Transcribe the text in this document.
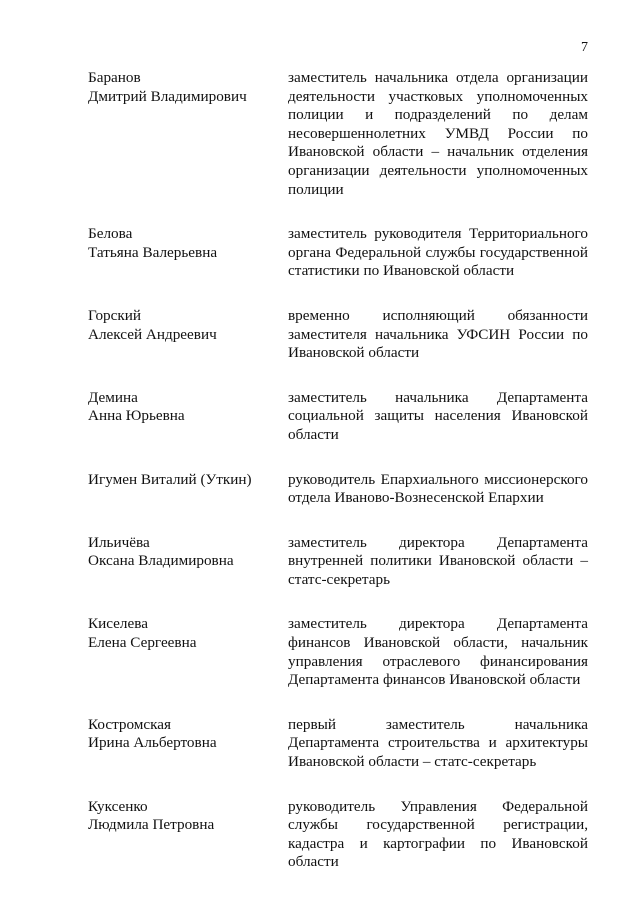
7
Баранов
Дмитрий Владимирович
заместитель начальника отдела организации деятельности участковых уполномоченных полиции и подразделений по делам несовершеннолетних УМВД России по Ивановской области – начальник отделения организации деятельности уполномоченных полиции
Белова
Татьяна Валерьевна
заместитель руководителя Территориального органа Федеральной службы государственной статистики по Ивановской области
Горский
Алексей Андреевич
временно исполняющий обязанности заместителя начальника УФСИН России по Ивановской области
Демина
Анна Юрьевна
заместитель начальника Департамента социальной защиты населения Ивановской области
Игумен Виталий (Уткин)	руководитель Епархиального миссионерского отдела Иваново-Вознесенской Епархии
Ильичёва
Оксана Владимировна
заместитель директора Департамента внутренней политики Ивановской области – статс-секретарь
Киселева
Елена Сергеевна
заместитель директора Департамента финансов Ивановской области, начальник управления отраслевого финансирования Департамента финансов Ивановской области
Костромская
Ирина Альбертовна
первый заместитель начальника Департамента строительства и архитектуры Ивановской области – статс-секретарь
Куксенко
Людмила Петровна
руководитель Управления Федеральной службы государственной регистрации, кадастра и картографии по Ивановской области
